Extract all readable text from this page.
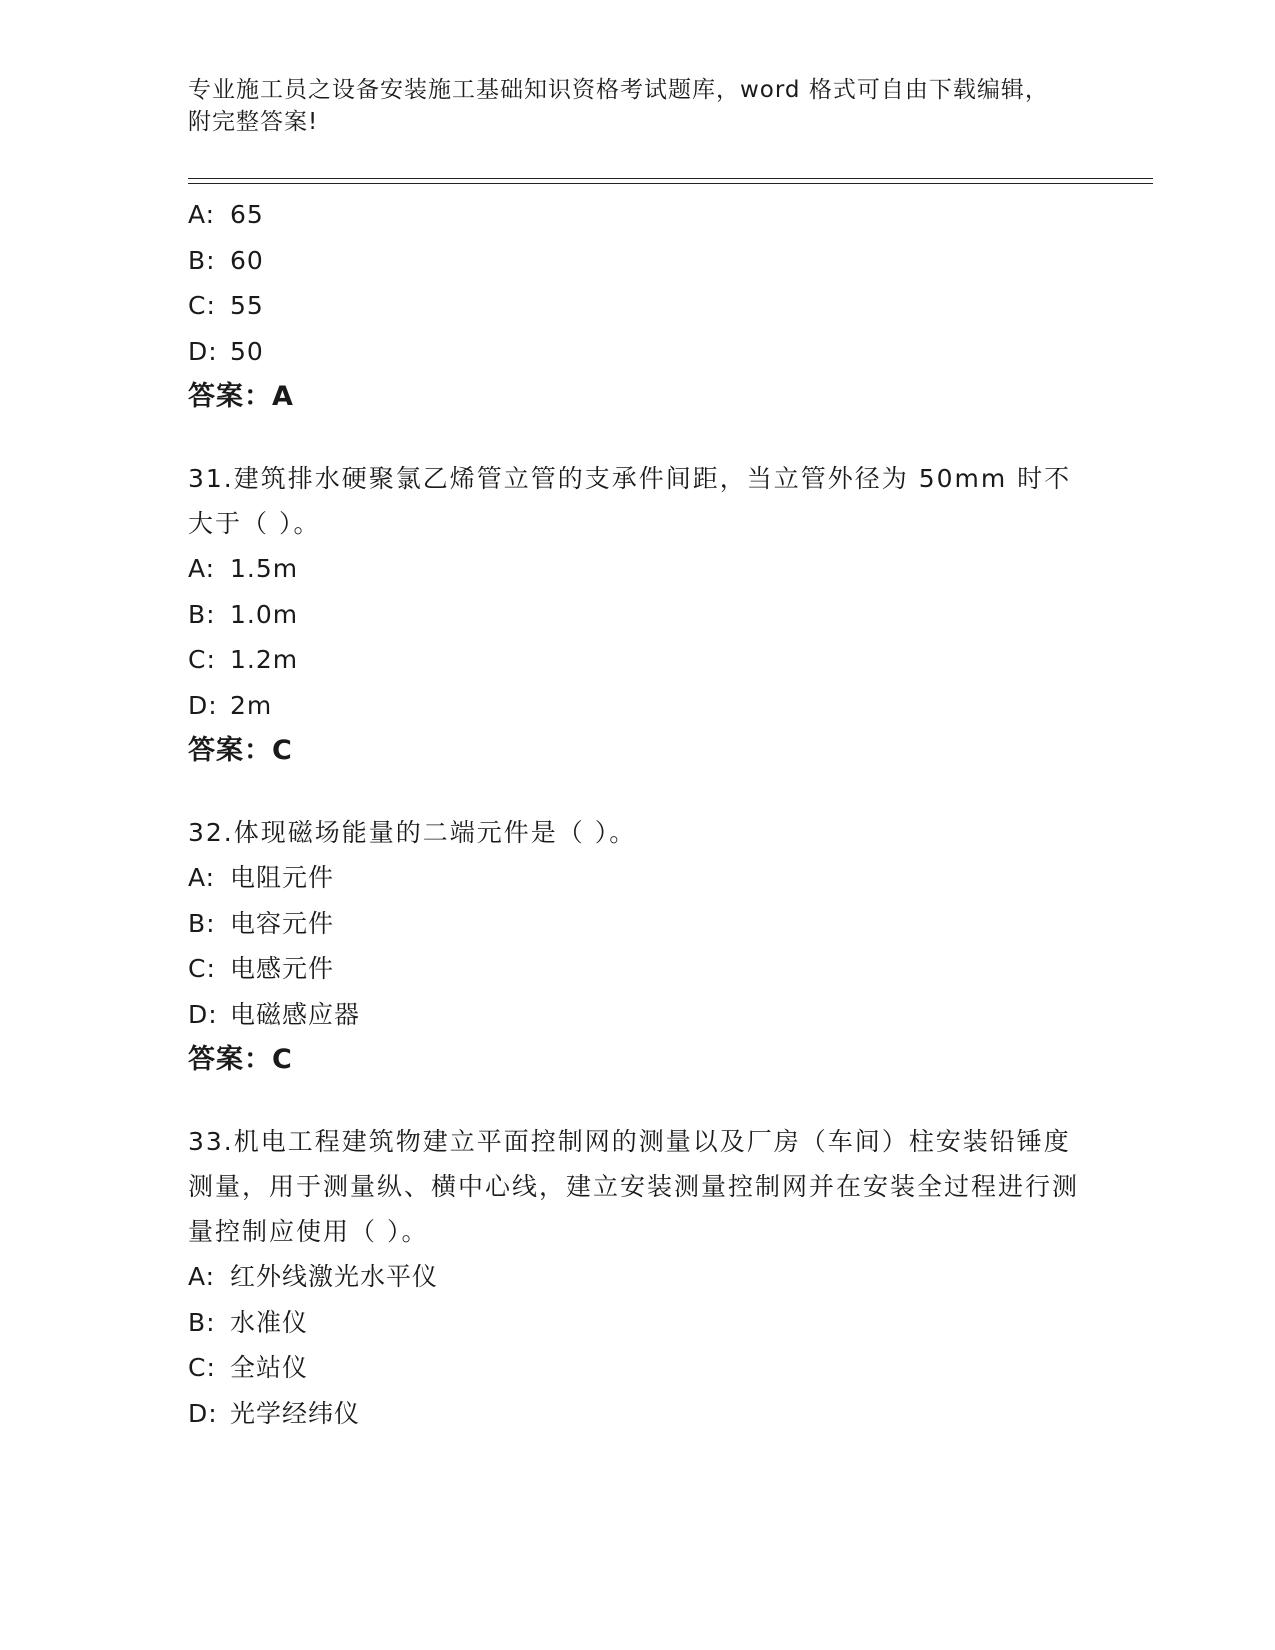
专业施工员之设备安装施工基础知识资格考试题库，word 格式可自由下载编辑，
附完整答案!
A: 65
B: 60
C: 55
D: 50
答案：A
31.建筑排水硬聚氯乙烯管立管的支承件间距，当立管外径为 50mm 时不大于（ ）。
A: 1.5m
B: 1.0m
C: 1.2m
D: 2m
答案：C
32.体现磁场能量的二端元件是（ ）。
A: 电阻元件
B: 电容元件
C: 电感元件
D: 电磁感应器
答案：C
33.机电工程建筑物建立平面控制网的测量以及厂房（车间）柱安装铅锤度测量，用于测量纵、横中心线，建立安装测量控制网并在安装全过程进行测量控制应使用（ ）。
A: 红外线激光水平仪
B: 水准仪
C: 全站仪
D: 光学经纬仪
